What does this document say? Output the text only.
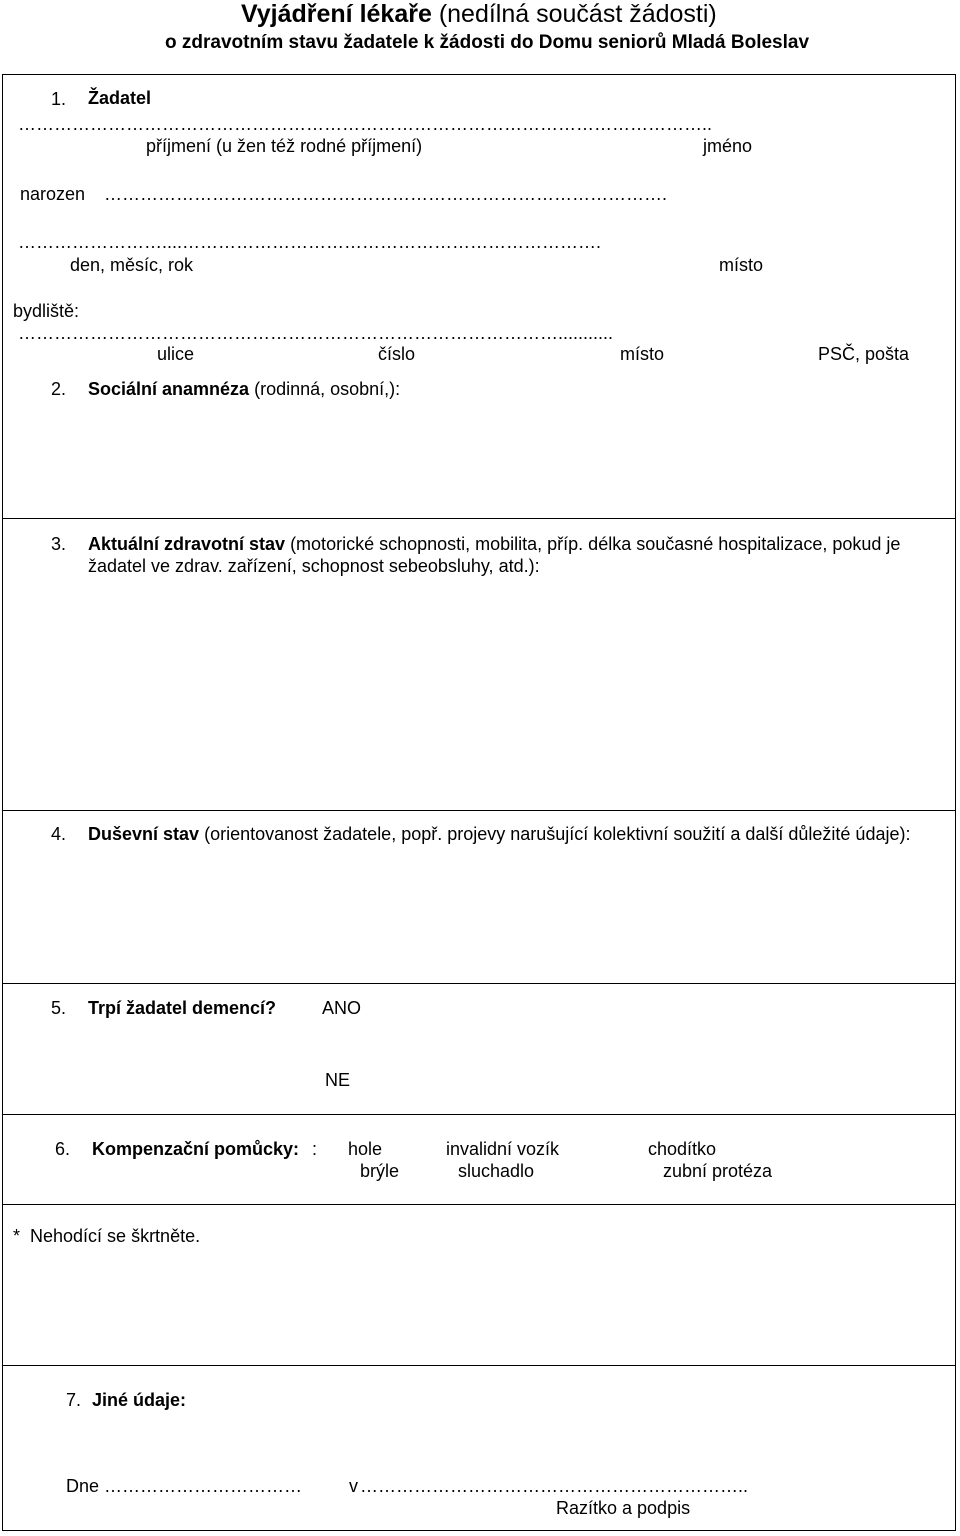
Vyjádření lékaře (nedílná součást žádosti)
o zdravotním stavu žadatele k žádosti do Domu seniorů Mladá Boleslav
1. Žadatel
……………………………………………………………………………………………………..
příjmení (u žen též rodné příjmení)	jméno
narozen ………………………………………………………………………………….
……………………....…………………………………………………………….
den, měsíc, rok	místo
bydliště:
………………………………………………………………………………...........
ulice	číslo	místo	PSČ, pošta
2. Sociální anamnéza (rodinná, osobní,):
3. Aktuální zdravotní stav (motorické schopnosti, mobilita, příp. délka současné hospitalizace, pokud je
žadatel ve zdrav. zařízení, schopnost sebeobsluhy, atd.):
4. Duševní stav (orientovanost žadatele, popř. projevy narušující kolektivní soužití a další důležité údaje):
5. Trpí žadatel demencí?	ANO
NE
6. Kompenzační pomůcky: : hole	invalidní vozík	chodítko
brýle	sluchadlo	zubní protéza
*  Nehodící se škrtněte.
7. Jiné údaje:
Dne ……………………………	v ………………………………………………………..
Razítko a podpis
